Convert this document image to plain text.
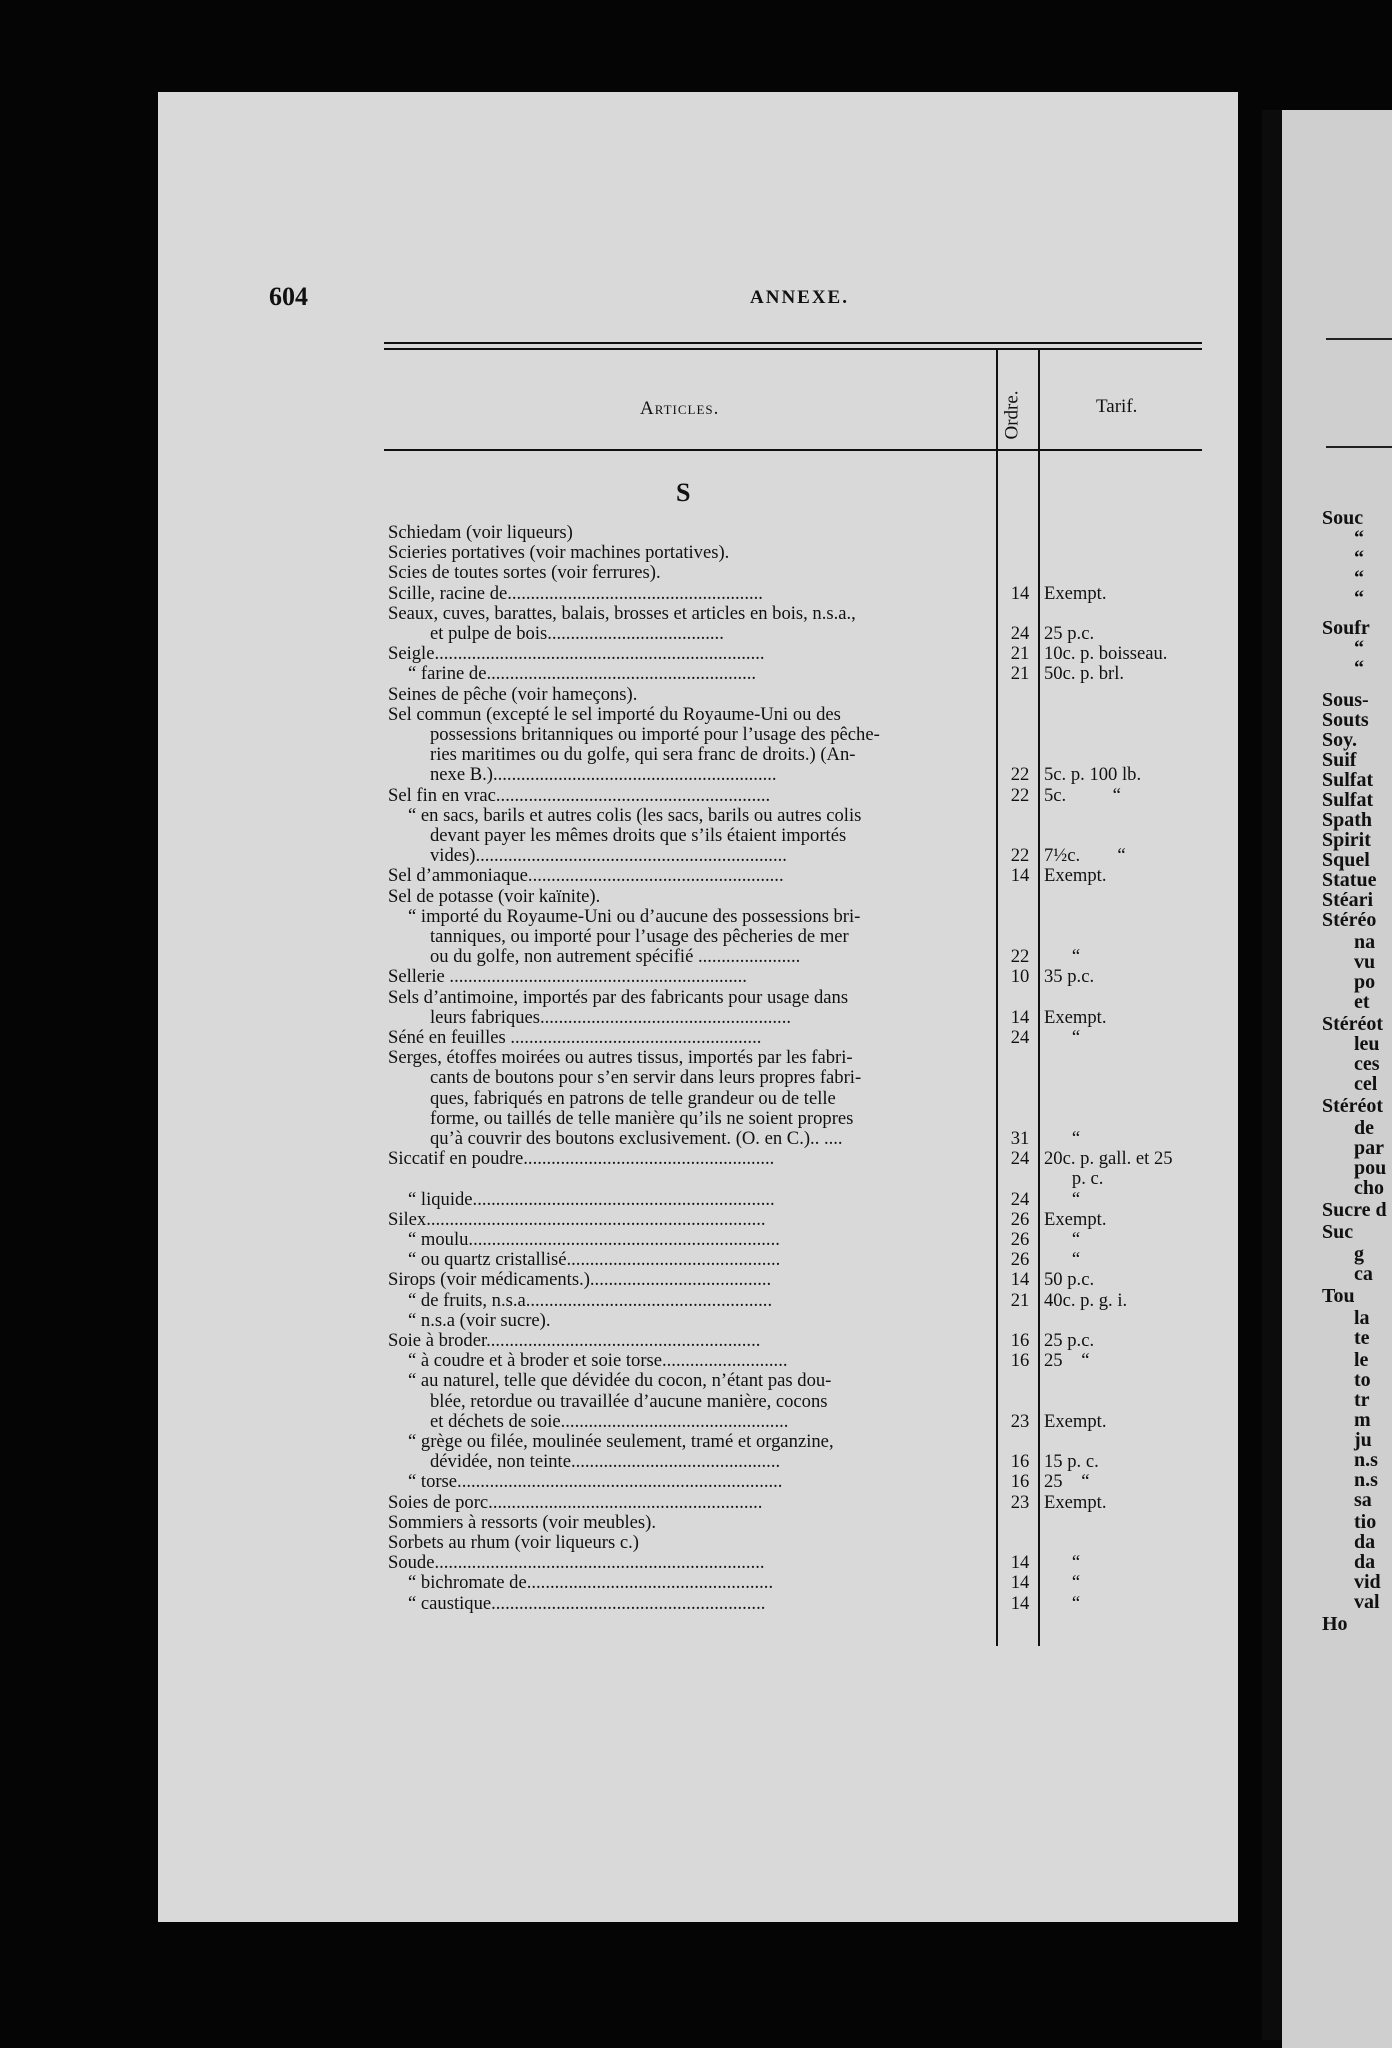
Souc
“
“
“
“
Soufr
“
“
Sous-
Souts
Soy.
Suif
Sulfat
Sulfat
Spath
Spirit
Squel
Statue
Stéari
Stéréo
na
vu
po
et
Stéréot
leu
ces
cel
Stéréot
de
par
pou
cho
Sucre d
Suc
g
ca
Tou
la
te
le
to
tr
m
ju
n.s
n.s
sa
tio
da
da
vid
val
Ho
604	ANNEXE.
Articles.	Ordre.	Tarif.
S
Schiedam (voir liqueurs)
Scieries portatives (voir machines portatives).
Scies de toutes sortes (voir ferrures).
Scille, racine de.......................................................	14 Exempt.
Seaux, cuves, barattes, balais, brosses et articles en bois, n.s.a.,
et pulpe de bois......................................	24 25 p.c.
Seigle.......................................................................	21 10c. p. boisseau.
“ farine de..........................................................	21 50c. p. brl.
Seines de pêche (voir hameçons).
Sel commun (excepté le sel importé du Royaume-Uni ou des
possessions britanniques ou importé pour l’usage des pêche-
ries maritimes ou du golfe, qui sera franc de droits.) (An-
nexe B.).............................................................	22 5c. p. 100 lb.
Sel fin en vrac...........................................................	22 5c.          “
“ en sacs, barils et autres colis (les sacs, barils ou autres colis
devant payer les mêmes droits que s’ils étaient importés
vides)...................................................................	22 7½c.        “
Sel d’ammoniaque.......................................................	14 Exempt.
Sel de potasse (voir kaïnite).
“ importé du Royaume-Uni ou d’aucune des possessions bri-
tanniques, ou importé pour l’usage des pêcheries de mer
ou du golfe, non autrement spécifié ......................	22 “
Sellerie ................................................................	10 35 p.c.
Sels d’antimoine, importés par des fabricants pour usage dans
leurs fabriques......................................................	14 Exempt.
Séné en feuilles ......................................................	24 “
Serges, étoffes moirées ou autres tissus, importés par les fabri-
cants de boutons pour s’en servir dans leurs propres fabri-
ques, fabriqués en patrons de telle grandeur ou de telle
forme, ou taillés de telle manière qu’ils ne soient propres
qu’à couvrir des boutons exclusivement. (O. en C.).. ....	31 “
Siccatif en poudre......................................................	24 20c. p. gall. et 25
p. c.
“ liquide.................................................................	24 “
Silex.........................................................................	26 Exempt.
“ moulu...................................................................	26 “
“ ou quartz cristallisé..............................................	26 “
Sirops (voir médicaments.).......................................	14 50 p.c.
“ de fruits, n.s.a.....................................................	21 40c. p. g. i.
“ n.s.a (voir sucre).
Soie à broder...........................................................	16 25 p.c.
“ à coudre et à broder et soie torse...........................	16 25    “
“ au naturel, telle que dévidée du cocon, n’étant pas dou-
blée, retordue ou travaillée d’aucune manière, cocons
et déchets de soie.................................................	23 Exempt.
“ grège ou filée, moulinée seulement, tramé et organzine,
dévidée, non teinte.............................................	16 15 p. c.
“ torse......................................................................	16 25    “
Soies de porc...........................................................	23 Exempt.
Sommiers à ressorts (voir meubles).
Sorbets au rhum (voir liqueurs c.)
Soude.......................................................................	14 “
“ bichromate de.....................................................	14 “
“ caustique...........................................................	14 “
